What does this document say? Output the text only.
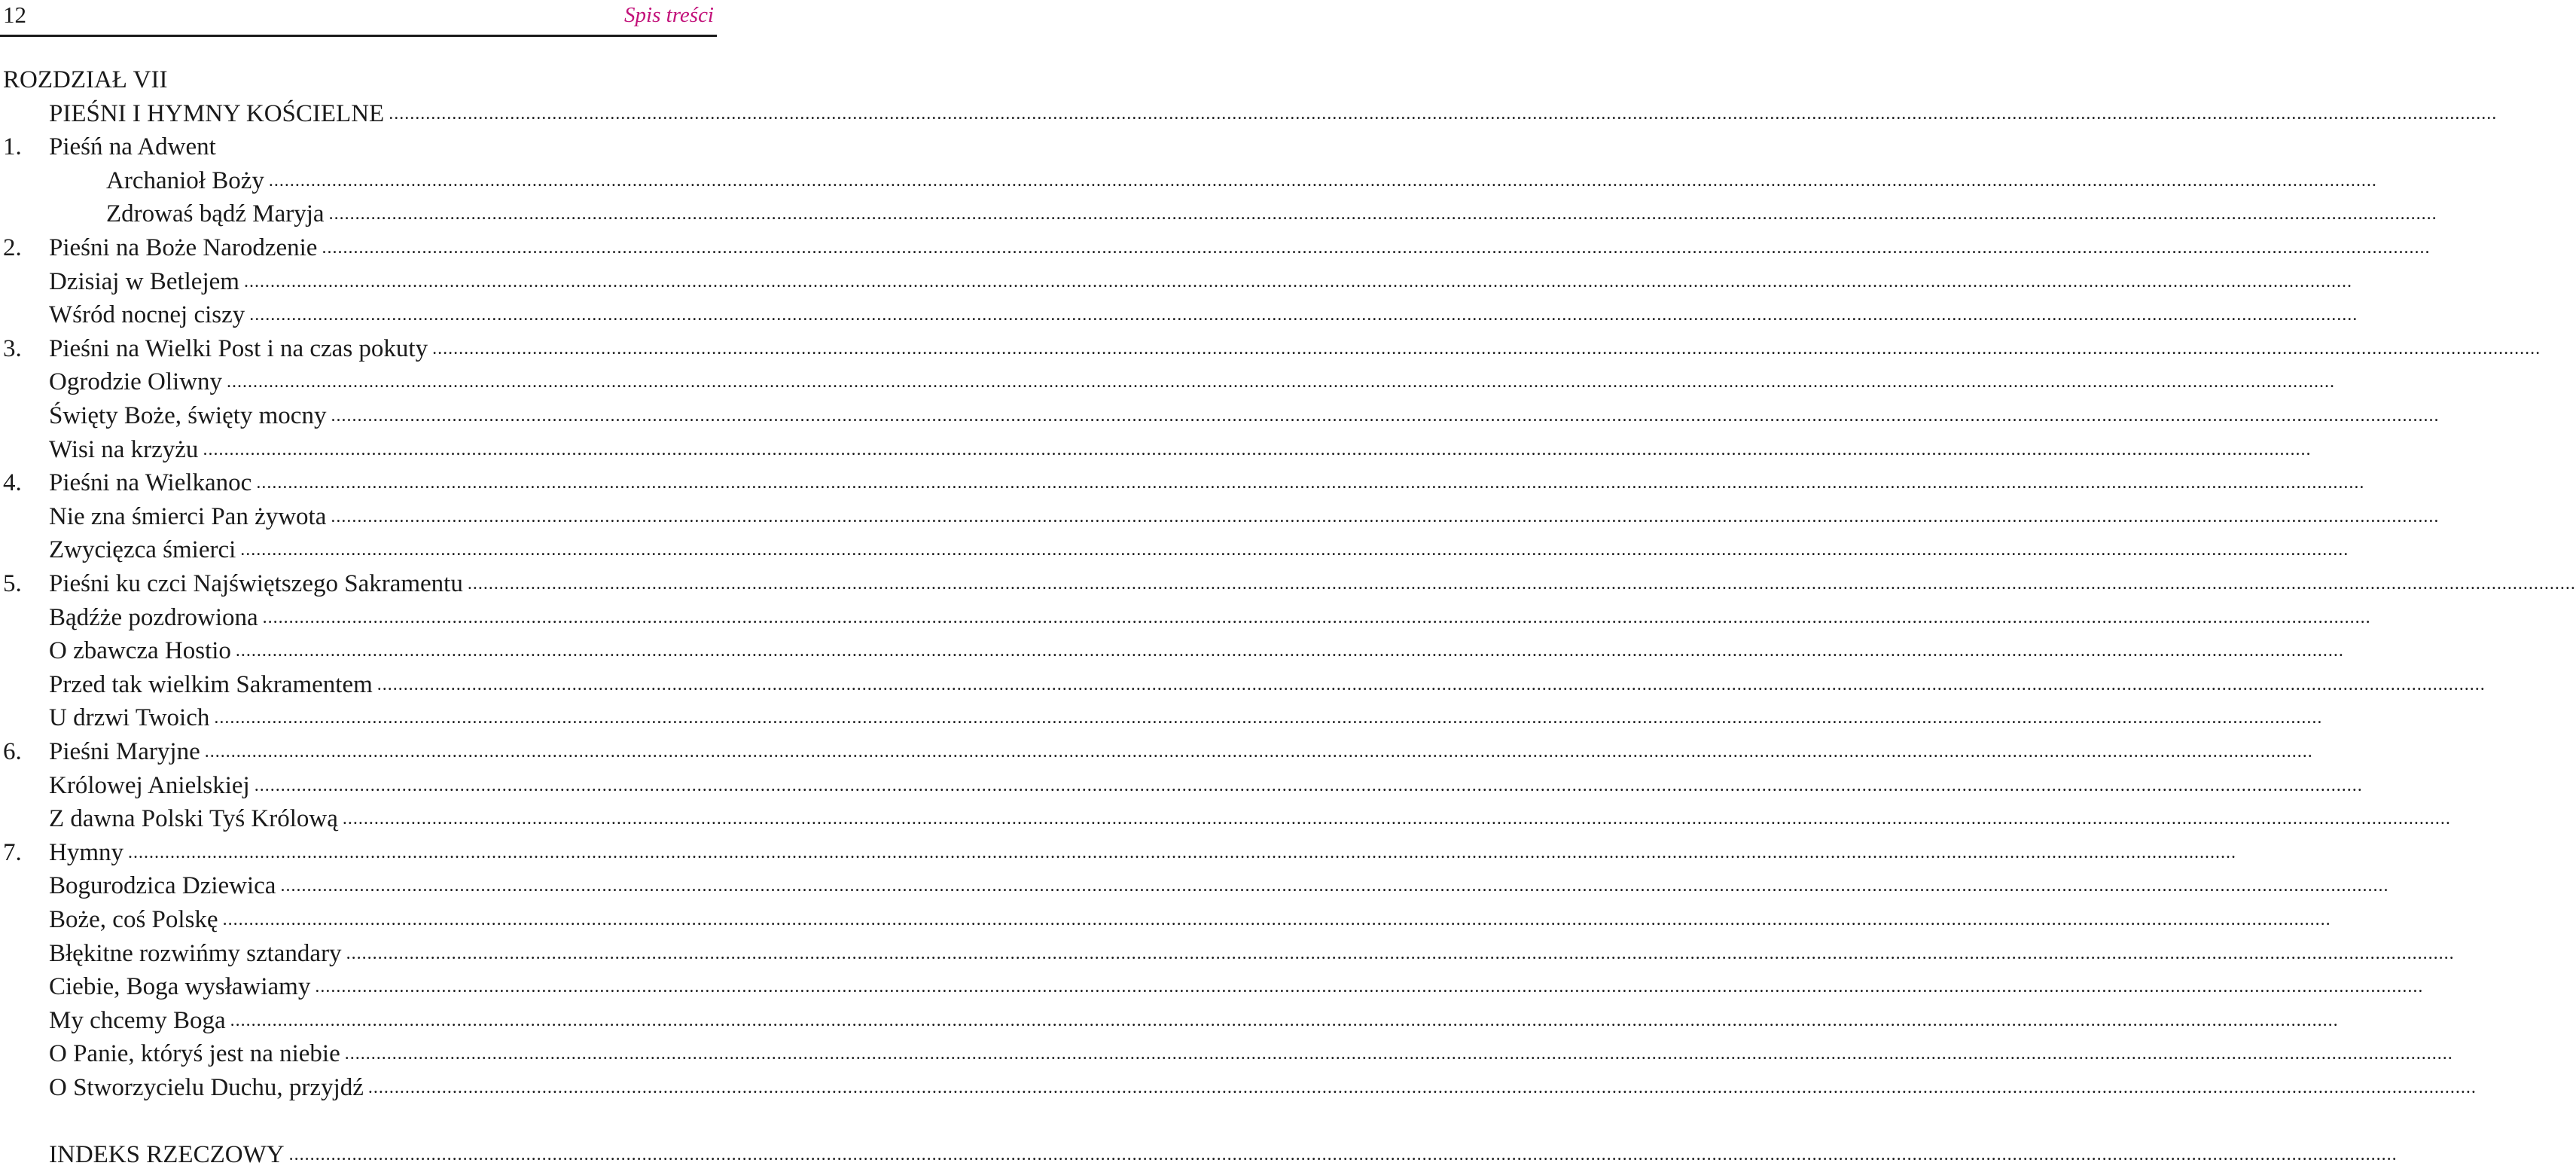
12	Spis treści
ROZDZIAŁ VII
PIEŚNI I HYMNY KOŚCIELNE ................................................................................................................................................................................................................................................................................................................................................................................................................
1. Pieśń na Adwent
Archanioł Boży ................................................................................................................................................................................................................................................................................................................................................................................................................
Zdrowaś bądź Maryja ................................................................................................................................................................................................................................................................................................................................................................................................................
2. Pieśni na Boże Narodzenie ................................................................................................................................................................................................................................................................................................................................................................................................................
Dzisiaj w Betlejem ................................................................................................................................................................................................................................................................................................................................................................................................................
Wśród nocnej ciszy ................................................................................................................................................................................................................................................................................................................................................................................................................
3. Pieśni na Wielki Post i na czas pokuty ................................................................................................................................................................................................................................................................................................................................................................................................................
Ogrodzie Oliwny ................................................................................................................................................................................................................................................................................................................................................................................................................
Święty Boże, święty mocny ................................................................................................................................................................................................................................................................................................................................................................................................................
Wisi na krzyżu ................................................................................................................................................................................................................................................................................................................................................................................................................
4. Pieśni na Wielkanoc ................................................................................................................................................................................................................................................................................................................................................................................................................
Nie zna śmierci Pan żywota ................................................................................................................................................................................................................................................................................................................................................................................................................
Zwycięzca śmierci ................................................................................................................................................................................................................................................................................................................................................................................................................
5. Pieśni ku czci Najświętszego Sakramentu ................................................................................................................................................................................................................................................................................................................................................................................................................
Bądźże pozdrowiona ................................................................................................................................................................................................................................................................................................................................................................................................................
O zbawcza Hostio ................................................................................................................................................................................................................................................................................................................................................................................................................
Przed tak wielkim Sakramentem ................................................................................................................................................................................................................................................................................................................................................................................................................
U drzwi Twoich ................................................................................................................................................................................................................................................................................................................................................................................................................
6. Pieśni Maryjne ................................................................................................................................................................................................................................................................................................................................................................................................................
Królowej Anielskiej ................................................................................................................................................................................................................................................................................................................................................................................................................
Z dawna Polski Tyś Królową ................................................................................................................................................................................................................................................................................................................................................................................................................
7. Hymny ................................................................................................................................................................................................................................................................................................................................................................................................................
Bogurodzica Dziewica ................................................................................................................................................................................................................................................................................................................................................................................................................
Boże, coś Polskę ................................................................................................................................................................................................................................................................................................................................................................................................................
Błękitne rozwińmy sztandary ................................................................................................................................................................................................................................................................................................................................................................................................................
Ciebie, Boga wysławiamy ................................................................................................................................................................................................................................................................................................................................................................................................................
My chcemy Boga ................................................................................................................................................................................................................................................................................................................................................................................................................
O Panie, któryś jest na niebie ................................................................................................................................................................................................................................................................................................................................................................................................................
O Stworzycielu Duchu, przyjdź ................................................................................................................................................................................................................................................................................................................................................................................................................
INDEKS RZECZOWY ................................................................................................................................................................................................................................................................................................................................................................................................................
